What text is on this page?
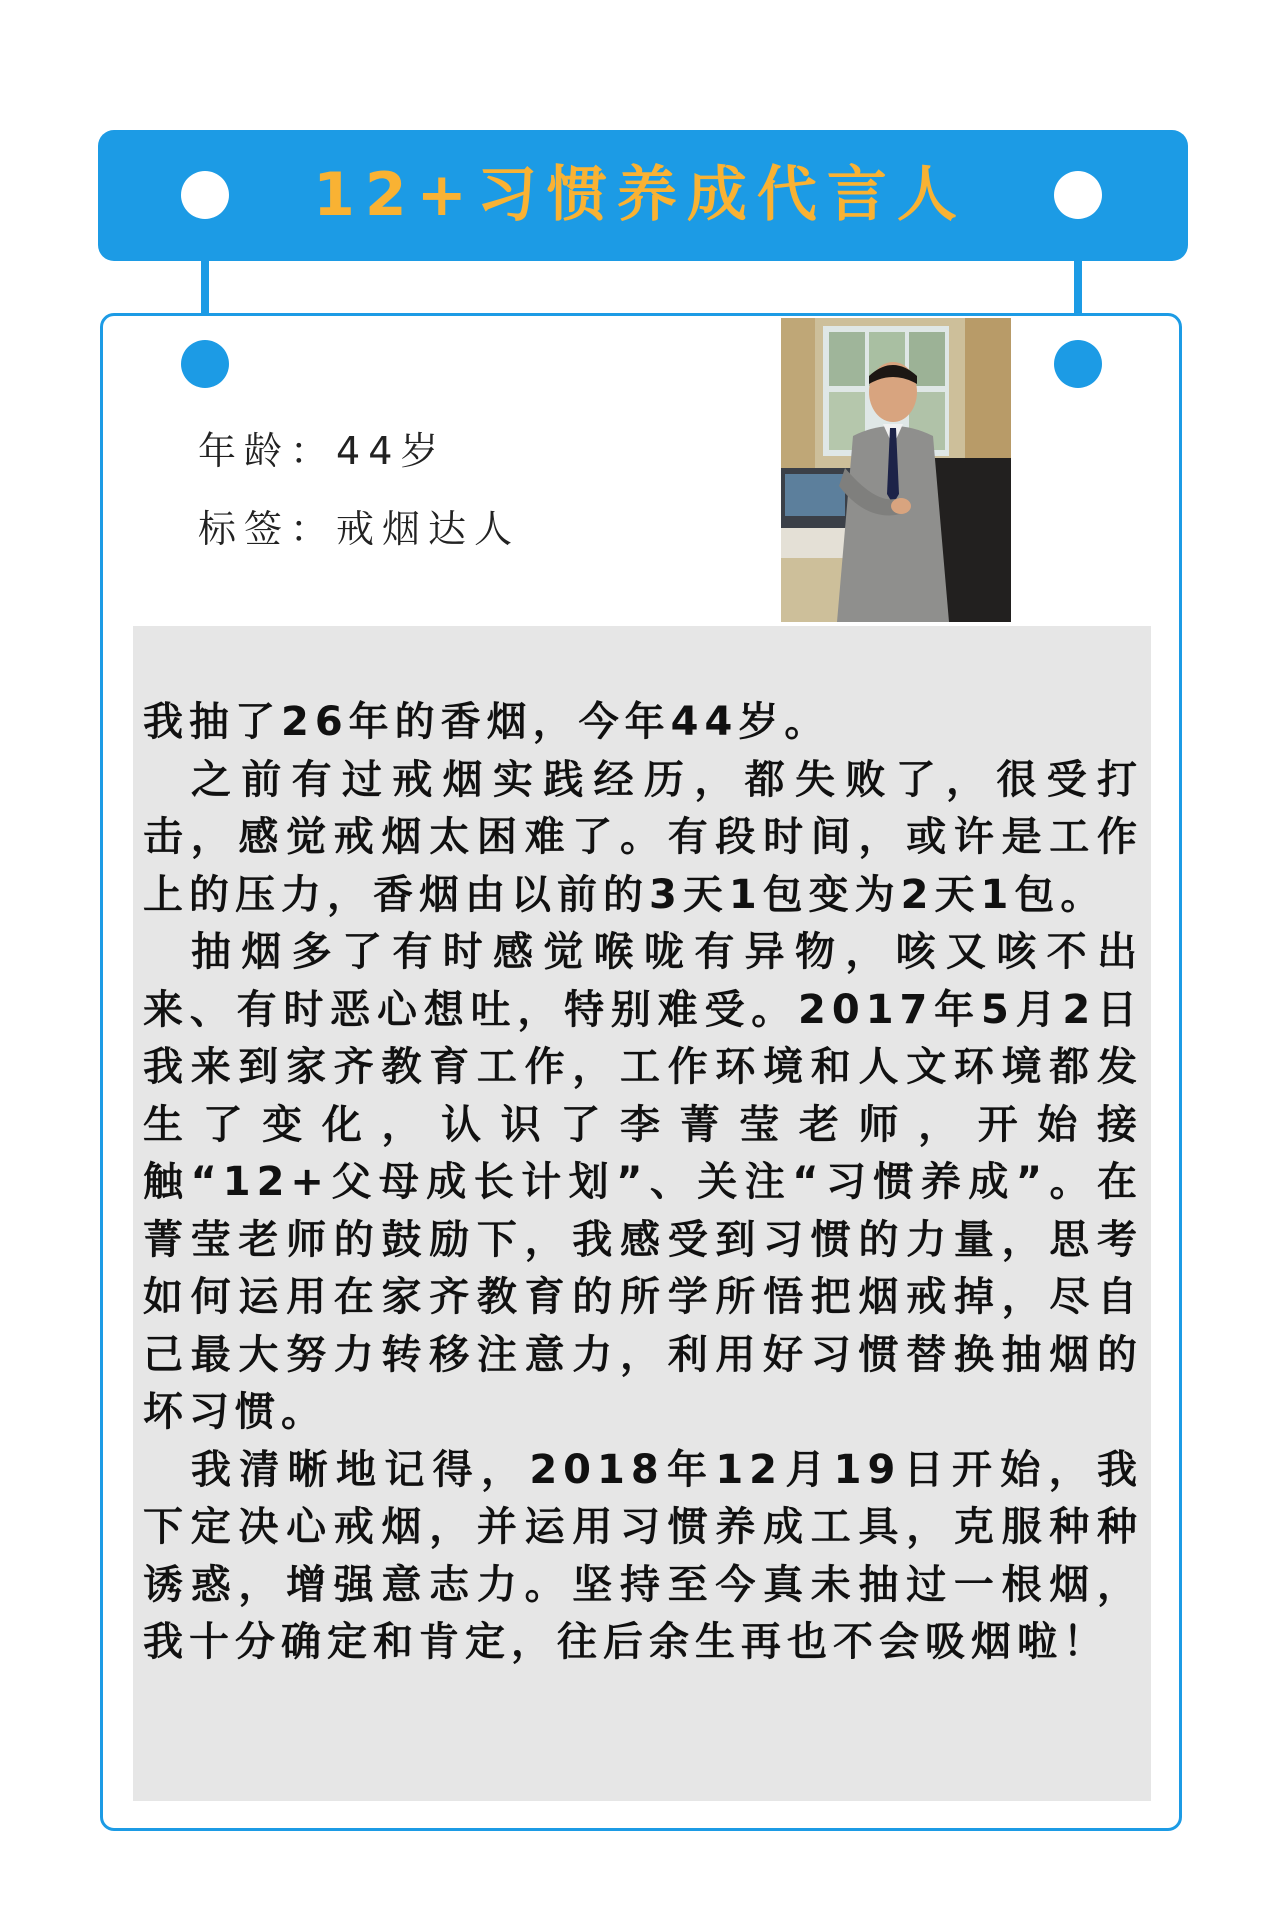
12+习惯养成代言人
年龄：44岁
标签：戒烟达人

我抽了26年的香烟，今年44岁。

之前有过戒烟实践经历，都失败了，很受打击，感觉戒烟太困难了。有段时间，或许是工作上的压力，香烟由以前的3天1包变为2天1包。

抽烟多了有时感觉喉咙有异物，咳又咳不出来、有时恶心想吐，特别难受。2017年5月2日我来到家齐教育工作，工作环境和人文环境都发生了变化，认识了李菁莹老师，开始接触“12+父母成长计划”、关注“习惯养成”。在菁莹老师的鼓励下，我感受到习惯的力量，思考如何运用在家齐教育的所学所悟把烟戒掉，尽自己最大努力转移注意力，利用好习惯替换抽烟的坏习惯。

我清晰地记得，2018年12月19日开始，我下定决心戒烟，并运用习惯养成工具，克服种种诱惑，增强意志力。坚持至今真未抽过一根烟，我十分确定和肯定，往后余生再也不会吸烟啦！
